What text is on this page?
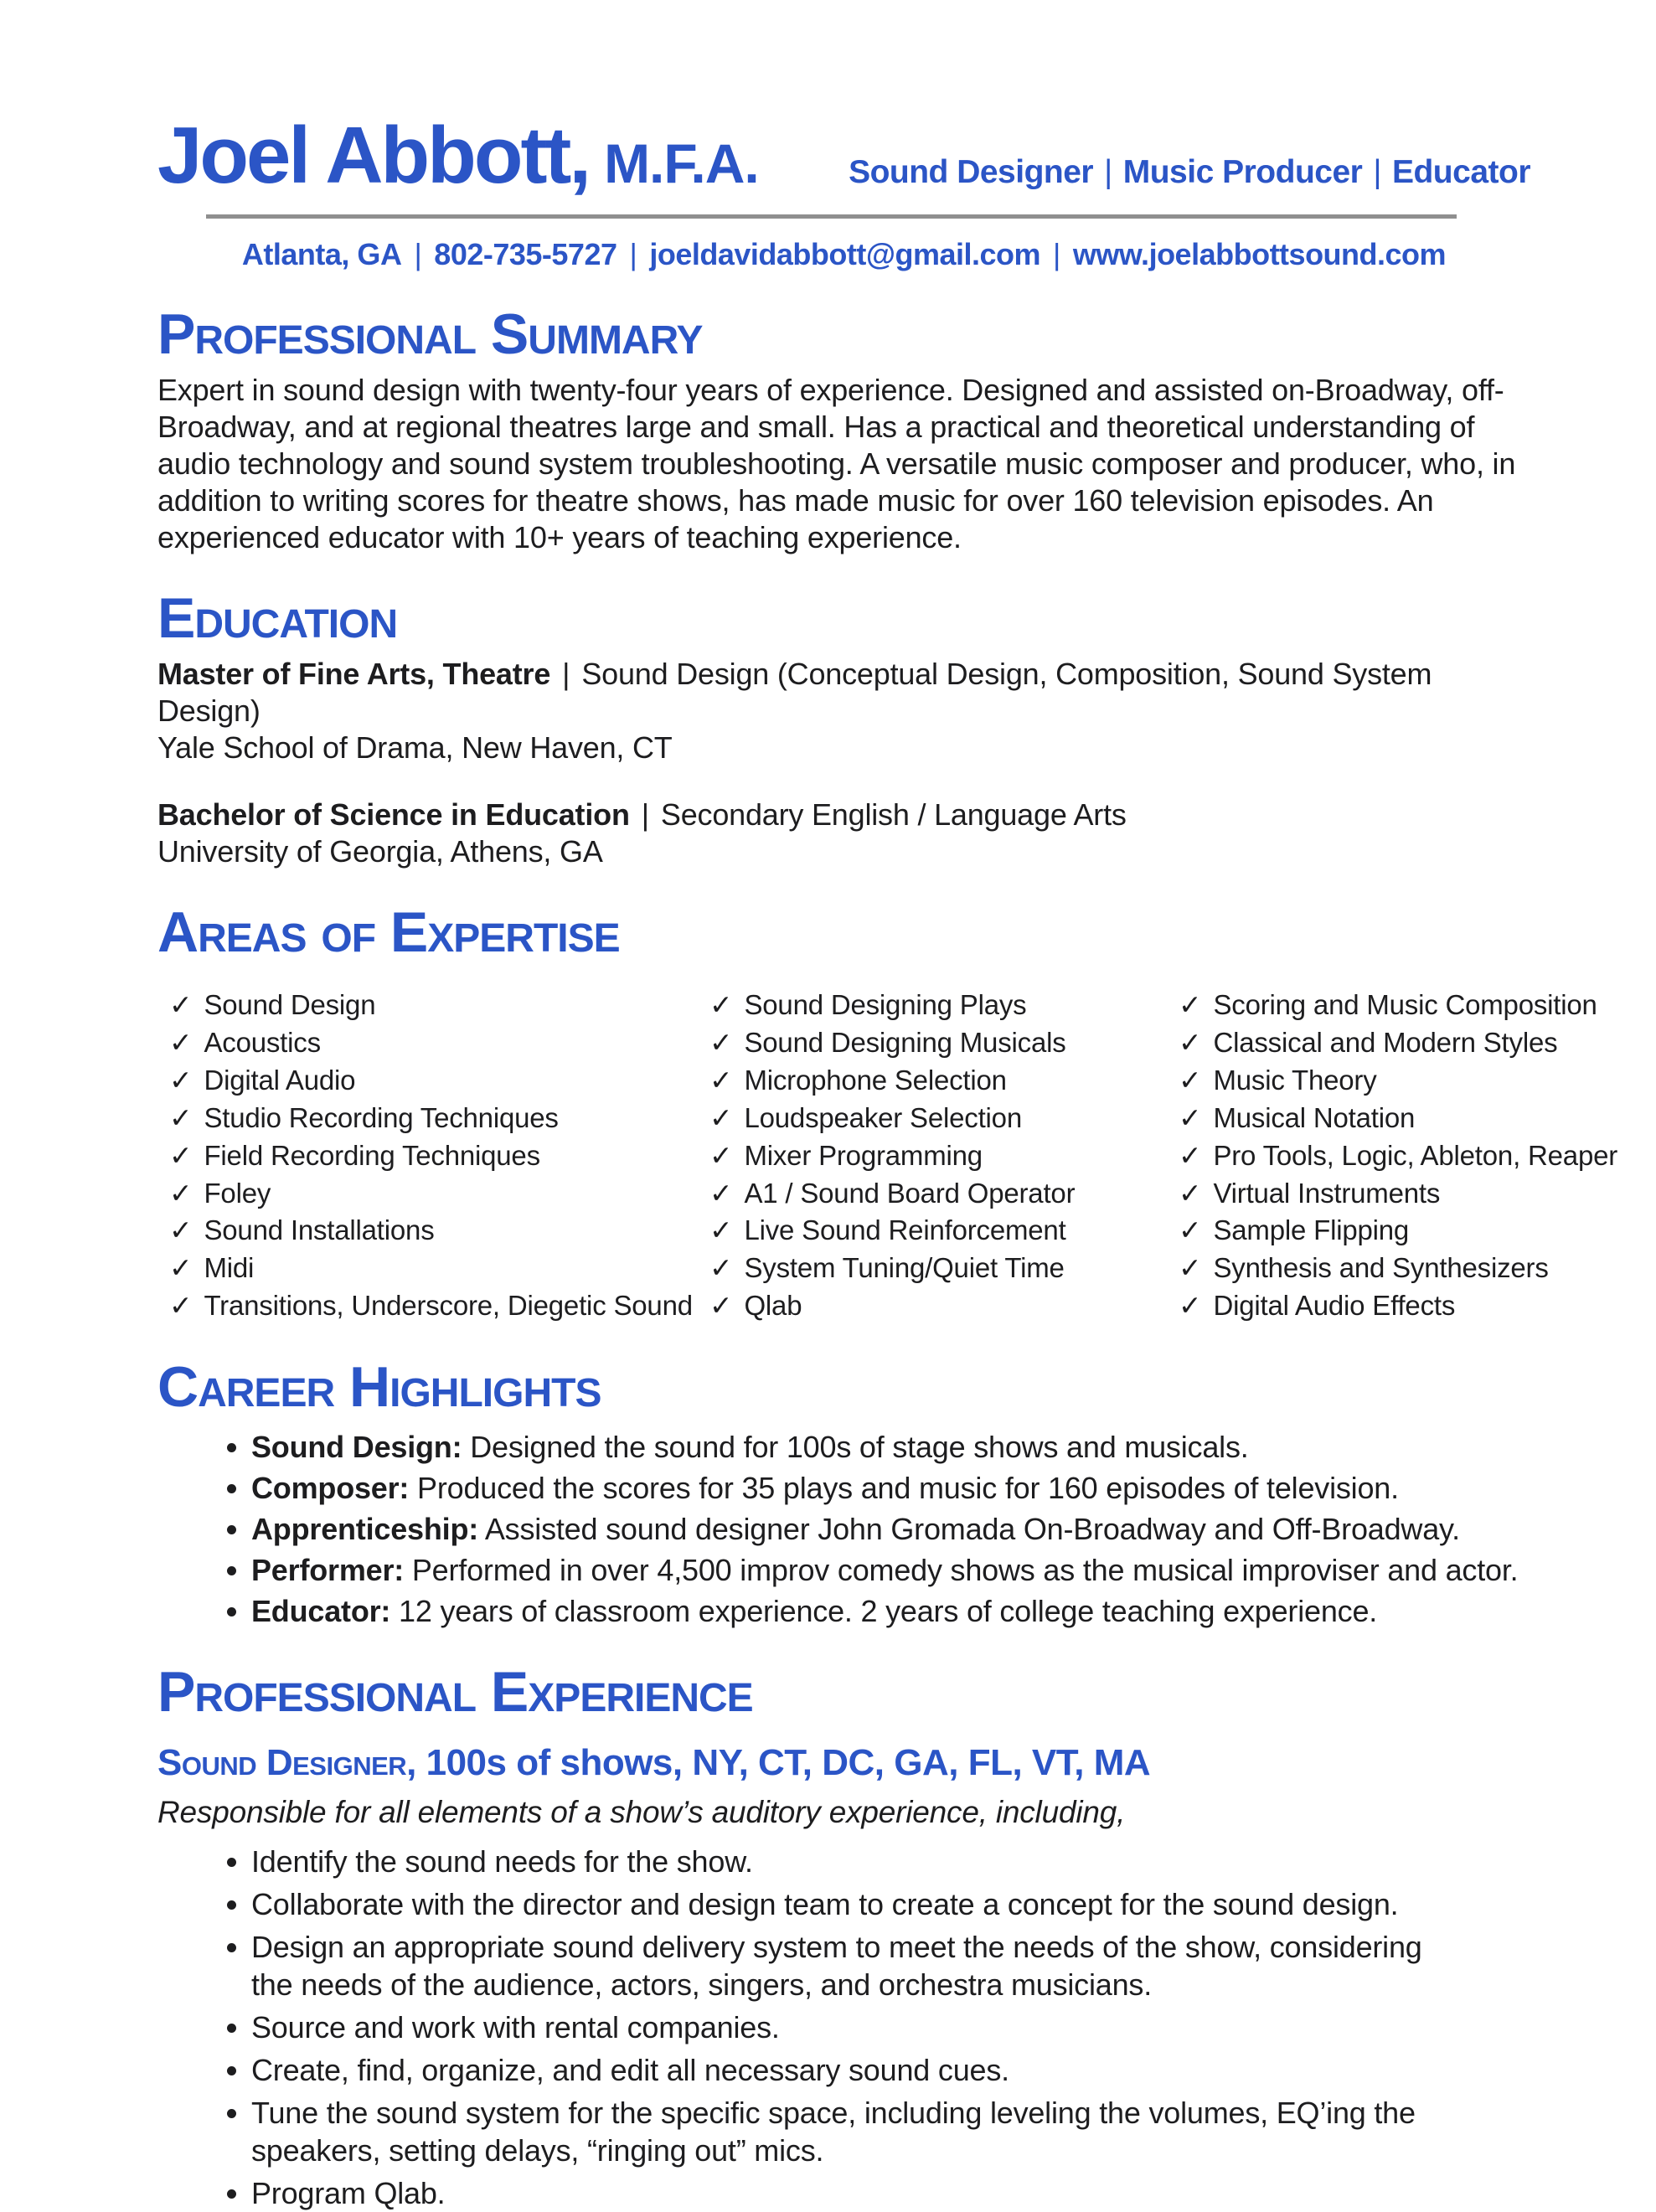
Joel Abbott, M.F.A.	Sound Designer | Music Producer | Educator
Atlanta, GA | 802-735-5727 | joeldavidabbott@gmail.com | www.joelabbottsound.com
Professional Summary
Expert in sound design with twenty-four years of experience. Designed and assisted on-Broadway, off-Broadway, and at regional theatres large and small. Has a practical and theoretical understanding of audio technology and sound system troubleshooting. A versatile music composer and producer, who, in addition to writing scores for theatre shows, has made music for over 160 television episodes. An experienced educator with 10+ years of teaching experience.
Education
Master of Fine Arts, Theatre | Sound Design (Conceptual Design, Composition, Sound System Design)
Yale School of Drama, New Haven, CT
Bachelor of Science in Education | Secondary English / Language Arts
University of Georgia, Athens, GA
Areas of Expertise
✓ Sound Design
✓ Acoustics
✓ Digital Audio
✓ Studio Recording Techniques
✓ Field Recording Techniques
✓ Foley
✓ Sound Installations
✓ Midi
✓ Transitions, Underscore, Diegetic Sound
✓ Sound Designing Plays
✓ Sound Designing Musicals
✓ Microphone Selection
✓ Loudspeaker Selection
✓ Mixer Programming
✓ A1 / Sound Board Operator
✓ Live Sound Reinforcement
✓ System Tuning/Quiet Time
✓ Qlab
✓ Scoring and Music Composition
✓ Classical and Modern Styles
✓ Music Theory
✓ Musical Notation
✓ Pro Tools, Logic, Ableton, Reaper
✓ Virtual Instruments
✓ Sample Flipping
✓ Synthesis and Synthesizers
✓ Digital Audio Effects
Career Highlights
• Sound Design: Designed the sound for 100s of stage shows and musicals.
• Composer: Produced the scores for 35 plays and music for 160 episodes of television.
• Apprenticeship: Assisted sound designer John Gromada On-Broadway and Off-Broadway.
• Performer: Performed in over 4,500 improv comedy shows as the musical improviser and actor.
• Educator: 12 years of classroom experience. 2 years of college teaching experience.
Professional Experience
Sound Designer, 100s of shows, NY, CT, DC, GA, FL, VT, MA
Responsible for all elements of a show’s auditory experience, including,
• Identify the sound needs for the show.
• Collaborate with the director and design team to create a concept for the sound design.
• Design an appropriate sound delivery system to meet the needs of the show, considering the needs of the audience, actors, singers, and orchestra musicians.
• Source and work with rental companies.
• Create, find, organize, and edit all necessary sound cues.
• Tune the sound system for the specific space, including leveling the volumes, EQ’ing the speakers, setting delays, “ringing out” mics.
• Program Qlab.
